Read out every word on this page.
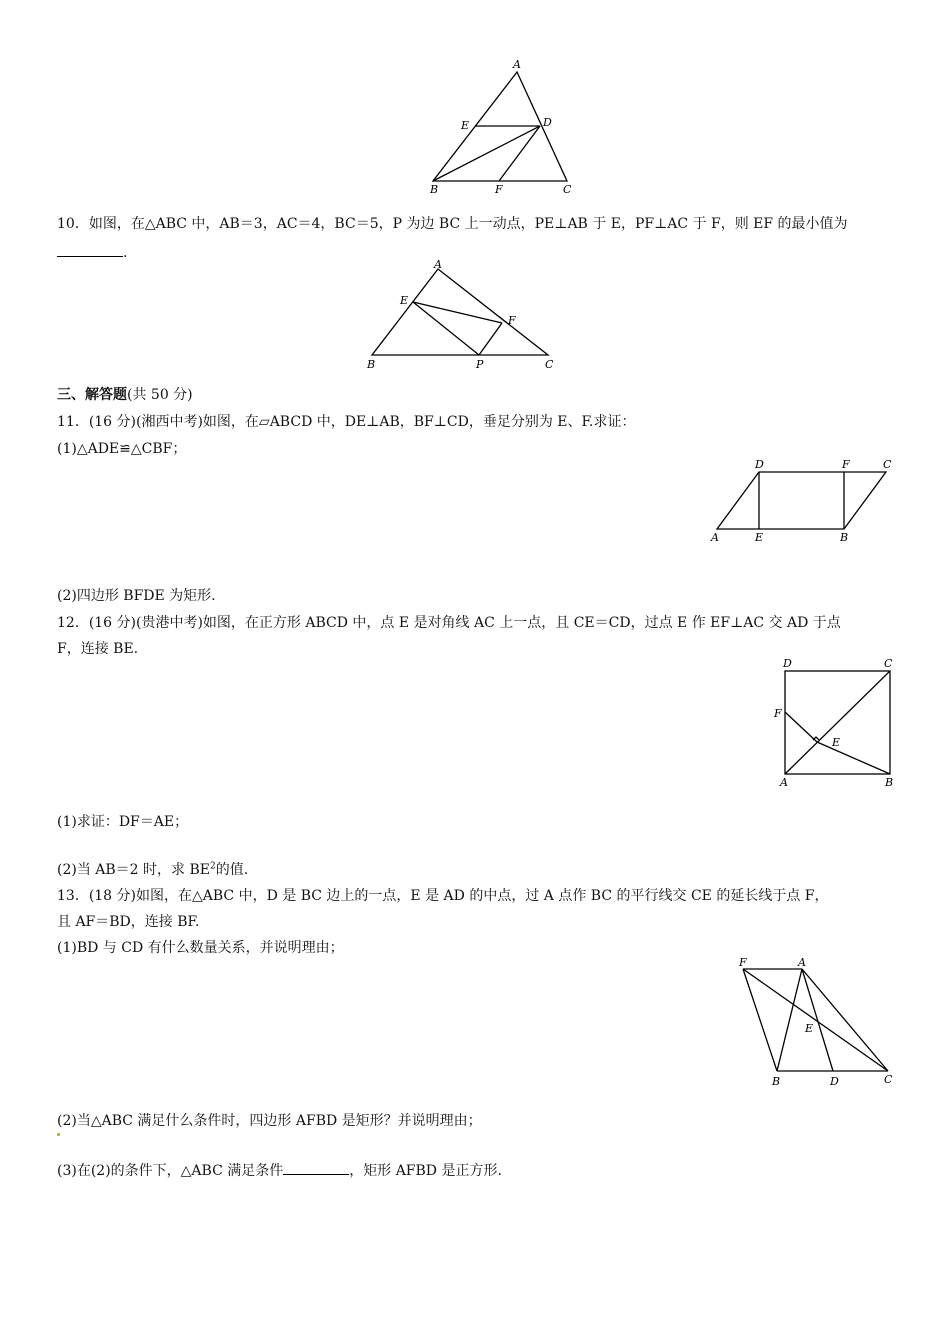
A
E	D
B	F	C
10．如图，在△ABC 中，AB＝3，AC＝4，BC＝5，P 为边 BC 上一动点，PE⊥AB 于 E，PF⊥AC 于 F，则 EF 的最小值为
.
A
E
F
B	P	C
三、解答题(共 50 分)
11．(16 分)(湘西中考)如图，在▱ABCD 中，DE⊥AB，BF⊥CD，垂足分别为 E、F.求证：
(1)△ADE≌△CBF；
D	F	C
A	E	B
(2)四边形 BFDE 为矩形.
12．(16 分)(贵港中考)如图，在正方形 ABCD 中，点 E 是对角线 AC 上一点，且 CE＝CD，过点 E 作 EF⊥AC 交 AD 于点
F，连接 BE.
D	C
F
E
A	B
(1)求证：DF＝AE；
(2)当 AB＝2 时，求 $BE^2$的值.
13．(18 分)如图，在△ABC 中，D 是 BC 边上的一点，E 是 AD 的中点，过 A 点作 BC 的平行线交 CE 的延长线于点 F，
且 AF＝BD，连接 BF.
(1)BD 与 CD 有什么数量关系，并说明理由；
F	A
E
B	D	C
(2)当△ABC 满足什么条件时，四边形 AFBD 是矩形？并说明理由；
(3)在(2)的条件下，△ABC 满足条件	，矩形 AFBD 是正方形.
